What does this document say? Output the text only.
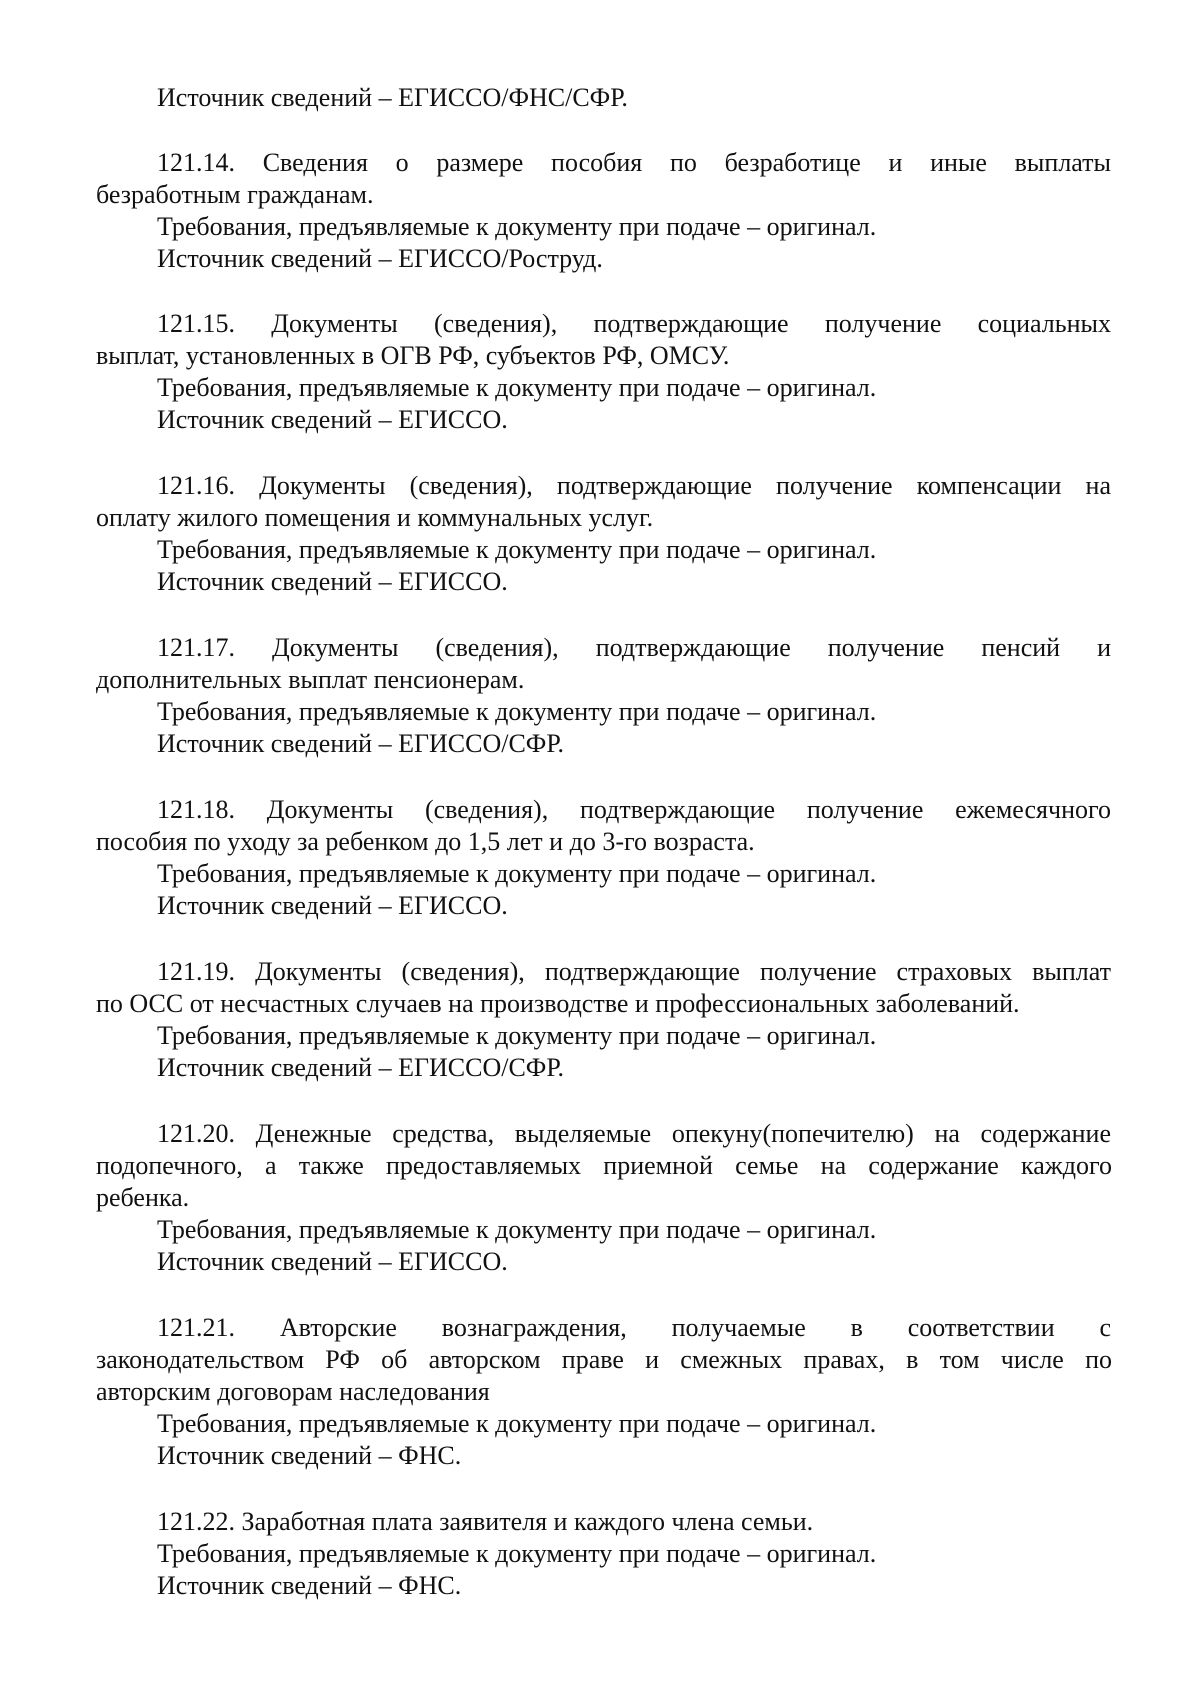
Источник сведений – ЕГИССО/ФНС/СФР.

121.14. Сведения о размере пособия по безработице и иные выплаты

безработным гражданам.

Требования, предъявляемые к документу при подаче – оригинал.

Источник сведений – ЕГИССО/Роструд.

121.15. Документы (сведения), подтверждающие получение социальных

выплат, установленных в ОГВ РФ, субъектов РФ, ОМСУ.

Требования, предъявляемые к документу при подаче – оригинал.

Источник сведений – ЕГИССО.

121.16. Документы (сведения), подтверждающие получение компенсации на

оплату жилого помещения и коммунальных услуг.

Требования, предъявляемые к документу при подаче – оригинал.

Источник сведений – ЕГИССО.

121.17. Документы (сведения), подтверждающие получение пенсий и

дополнительных выплат пенсионерам.

Требования, предъявляемые к документу при подаче – оригинал.

Источник сведений – ЕГИССО/СФР.

121.18. Документы (сведения), подтверждающие получение ежемесячного

пособия по уходу за ребенком до 1,5 лет и до 3-го возраста.

Требования, предъявляемые к документу при подаче – оригинал.

Источник сведений – ЕГИССО.

121.19. Документы (сведения), подтверждающие получение страховых выплат

по ОСС от несчастных случаев на производстве и профессиональных заболеваний.

Требования, предъявляемые к документу при подаче – оригинал.

Источник сведений – ЕГИССО/СФР.

121.20. Денежные средства, выделяемые опекуну(попечителю) на содержание

подопечного, а также предоставляемых приемной семье на содержание каждого

ребенка.

Требования, предъявляемые к документу при подаче – оригинал.

Источник сведений – ЕГИССО.

121.21. Авторские вознаграждения, получаемые в соответствии с

законодательством РФ об авторском праве и смежных правах, в том числе по

авторским договорам наследования

Требования, предъявляемые к документу при подаче – оригинал.

Источник сведений – ФНС.

121.22. Заработная плата заявителя и каждого члена семьи.

Требования, предъявляемые к документу при подаче – оригинал.

Источник сведений – ФНС.
